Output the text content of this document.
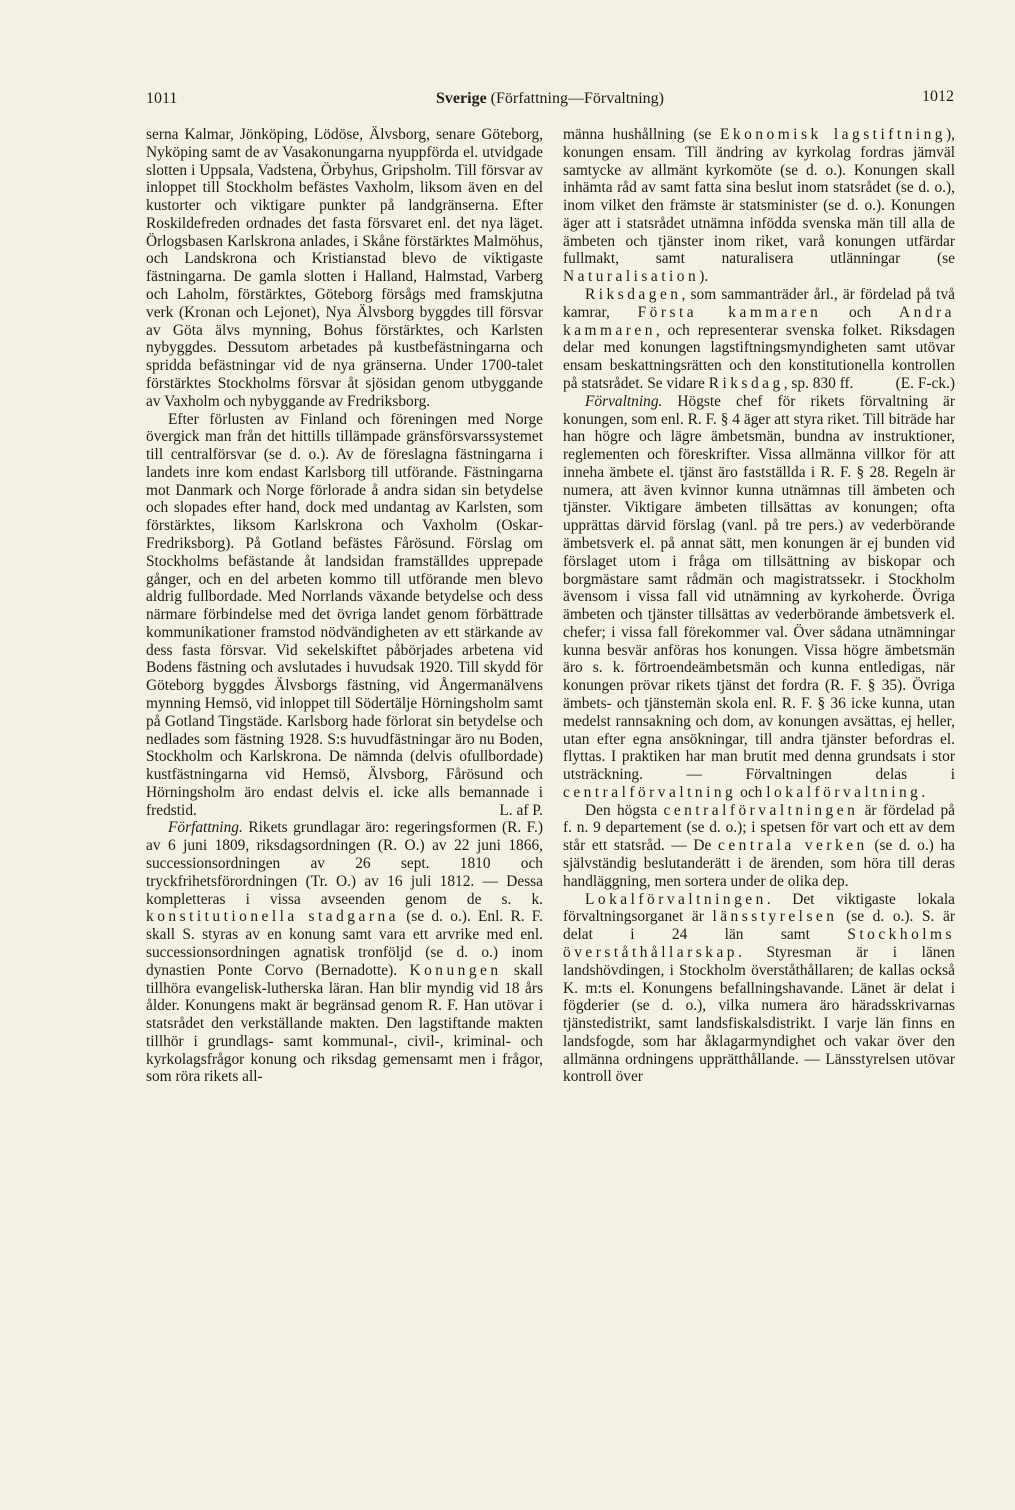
1011	Sverige (Författning—Förvaltning)	1012

serna Kalmar, Jönköping, Lödöse, Älvsborg, senare Göteborg, Nyköping samt de av Vasakonungarna nyuppförda el. utvidgade slotten i Uppsala, Vadstena, Örbyhus, Gripsholm. Till försvar av inloppet till Stockholm befästes Vaxholm, liksom även en del kustorter och viktigare punkter på landgränserna. Efter Roskildefreden ordnades det fasta försvaret enl. det nya läget. Örlogsbasen Karlskrona anlades, i Skåne förstärktes Malmöhus, och Landskrona och Kristianstad blevo de viktigaste fästningarna. De gamla slotten i Halland, Halmstad, Varberg och Laholm, förstärktes, Göteborg försågs med framskjutna verk (Kronan och Lejonet), Nya Älvsborg byggdes till försvar av Göta älvs mynning, Bohus förstärktes, och Karlsten nybyggdes. Dessutom arbetades på kustbefästningarna och spridda befästningar vid de nya gränserna. Under 1700-talet förstärktes Stockholms försvar åt sjösidan genom utbyggande av Vaxholm och nybyggande av Fredriksborg.

Efter förlusten av Finland och föreningen med Norge övergick man från det hittills tillämpade gränsförsvarssystemet till centralförsvar (se d. o.). Av de föreslagna fästningarna i landets inre kom endast Karlsborg till utförande. Fästningarna mot Danmark och Norge förlorade å andra sidan sin betydelse och slopades efter hand, dock med undantag av Karlsten, som förstärktes, liksom Karlskrona och Vaxholm (Oskar-Fredriksborg). På Gotland befästes Fårösund. Förslag om Stockholms befästande åt landsidan framställdes upprepade gånger, och en del arbeten kommo till utförande men blevo aldrig fullbordade. Med Norrlands växande betydelse och dess närmare förbindelse med det övriga landet genom förbättrade kommunikationer framstod nödvändigheten av ett stärkande av dess fasta försvar. Vid sekelskiftet påbörjades arbetena vid Bodens fästning och avslutades i huvudsak 1920. Till skydd för Göteborg byggdes Älvsborgs fästning, vid Ångermanälvens mynning Hemsö, vid inloppet till Södertälje Hörningsholm samt på Gotland Tingstäde. Karlsborg hade förlorat sin betydelse och nedlades som fästning 1928. S:s huvudfästningar äro nu Boden, Stockholm och Karlskrona. De nämnda (delvis ofullbordade) kustfästningarna vid Hemsö, Älvsborg, Fårösund och Hörningsholm äro endast delvis el. icke alls bemannade i fredstid.	L. af P.

Författning. Rikets grundlagar äro: regeringsformen (R. F.) av 6 juni 1809, riksdagsordningen (R. O.) av 22 juni 1866, successionsordningen av 26 sept. 1810 och tryckfrihetsförordningen (Tr. O.) av 16 juli 1812. — Dessa kompletteras i vissa avseenden genom de s. k. konstitutionella stadgarna (se d. o.). Enl. R. F. skall S. styras av en konung samt vara ett arvrike med enl. successionsordningen agnatisk tronföljd (se d. o.) inom dynastien Ponte Corvo (Bernadotte). Konungen skall tillhöra evangelisk-lutherska läran. Han blir myndig vid 18 års ålder. Konungens makt är begränsad genom R. F. Han utövar i statsrådet den verkställande makten. Den lagstiftande makten tillhör i grundlags- samt kommunal-, civil-, kriminal- och kyrkolagsfrågor konung och riksdag gemensamt men i frågor, som röra rikets all-

männa hushållning (se Ekonomisk lagstiftning), konungen ensam. Till ändring av kyrkolag fordras jämväl samtycke av allmänt kyrkomöte (se d. o.). Konungen skall inhämta råd av samt fatta sina beslut inom statsrådet (se d. o.), inom vilket den främste är statsminister (se d. o.). Konungen äger att i statsrådet utnämna infödda svenska män till alla de ämbeten och tjänster inom riket, varå konungen utfärdar fullmakt, samt naturalisera utlänningar (se Naturalisation).

Riksdagen, som sammanträder årl., är fördelad på två kamrar, Första kammaren och Andra kammaren, och representerar svenska folket. Riksdagen delar med konungen lagstiftningsmyndigheten samt utövar ensam beskattningsrätten och den konstitutionella kontrollen på statsrådet. Se vidare Riksdag, sp. 830 ff.	(E. F-ck.)

Förvaltning. Högste chef för rikets förvaltning är konungen, som enl. R. F. § 4 äger att styra riket. Till biträde har han högre och lägre ämbetsmän, bundna av instruktioner, reglementen och föreskrifter. Vissa allmänna villkor för att inneha ämbete el. tjänst äro fastställda i R. F. § 28. Regeln är numera, att även kvinnor kunna utnämnas till ämbeten och tjänster. Viktigare ämbeten tillsättas av konungen; ofta upprättas därvid förslag (vanl. på tre pers.) av vederbörande ämbetsverk el. på annat sätt, men konungen är ej bunden vid förslaget utom i fråga om tillsättning av biskopar och borgmästare samt rådmän och magistratssekr. i Stockholm ävensom i vissa fall vid utnämning av kyrkoherde. Övriga ämbeten och tjänster tillsättas av vederbörande ämbetsverk el. chefer; i vissa fall förekommer val. Över sådana utnämningar kunna besvär anföras hos konungen. Vissa högre ämbetsmän äro s. k. förtroendeämbetsmän och kunna entledigas, när konungen prövar rikets tjänst det fordra (R. F. § 35). Övriga ämbets- och tjänstemän skola enl. R. F. § 36 icke kunna, utan medelst rannsakning och dom, av konungen avsättas, ej heller, utan efter egna ansökningar, till andra tjänster befordras el. flyttas. I praktiken har man brutit med denna grundsats i stor utsträckning. — Förvaltningen delas i centralförvaltning och lokalförvaltning.

Den högsta centralförvaltningen är fördelad på f. n. 9 departement (se d. o.); i spetsen för vart och ett av dem står ett statsråd. — De centrala verken (se d. o.) ha självständig beslutanderätt i de ärenden, som höra till deras handläggning, men sortera under de olika dep.

Lokalförvaltningen. Det viktigaste lokala förvaltningsorganet är länsstyrelsen (se d. o.). S. är delat i 24 län samt Stockholms överståthållarskap. Styresman är i länen landshövdingen, i Stockholm överståthållaren; de kallas också K. m:ts el. Konungens befallningshavande. Länet är delat i fögderier (se d. o.), vilka numera äro häradsskrivarnas tjänstedistrikt, samt landsfiskalsdistrikt. I varje län finns en landsfogde, som har åklagarmyndighet och vakar över den allmänna ordningens upprätthållande. — Länsstyrelsen utövar kontroll över
